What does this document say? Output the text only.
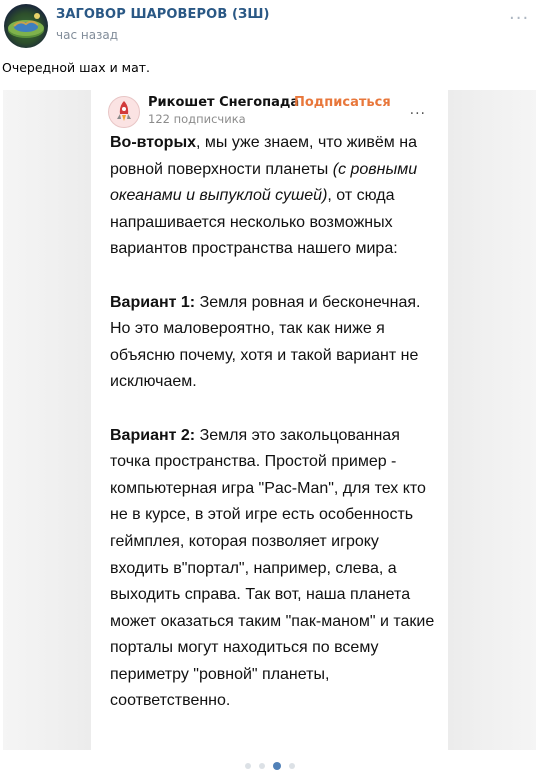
ЗАГОВОР ШАРОВЕРОВ (ЗШ)
час назад
···
Очередной шах и мат.
Рикошет Снегопада
Подписаться
122 подписчика	···

Во-вторых, мы уже знаем, что живём на ровной поверхности планеты (с ровными океанами и выпуклой сушей), от сюда напрашивается несколько возможных вариантов пространства нашего мира:

Вариант 1: Земля ровная и бесконечная. Но это маловероятно, так как ниже я объясню почему, хотя и такой вариант не исключаем.

Вариант 2: Земля это закольцованная точка пространства. Простой пример - компьютерная игра "Pac-Man", для тех кто не в курсе, в этой игре есть особенность геймплея, которая позволяет игроку входить в"портал", например, слева, а выходить справа. Так вот, наша планета может оказаться таким "пак-маном" и такие порталы могут находиться по всему периметру "ровной" планеты, соответственно.
